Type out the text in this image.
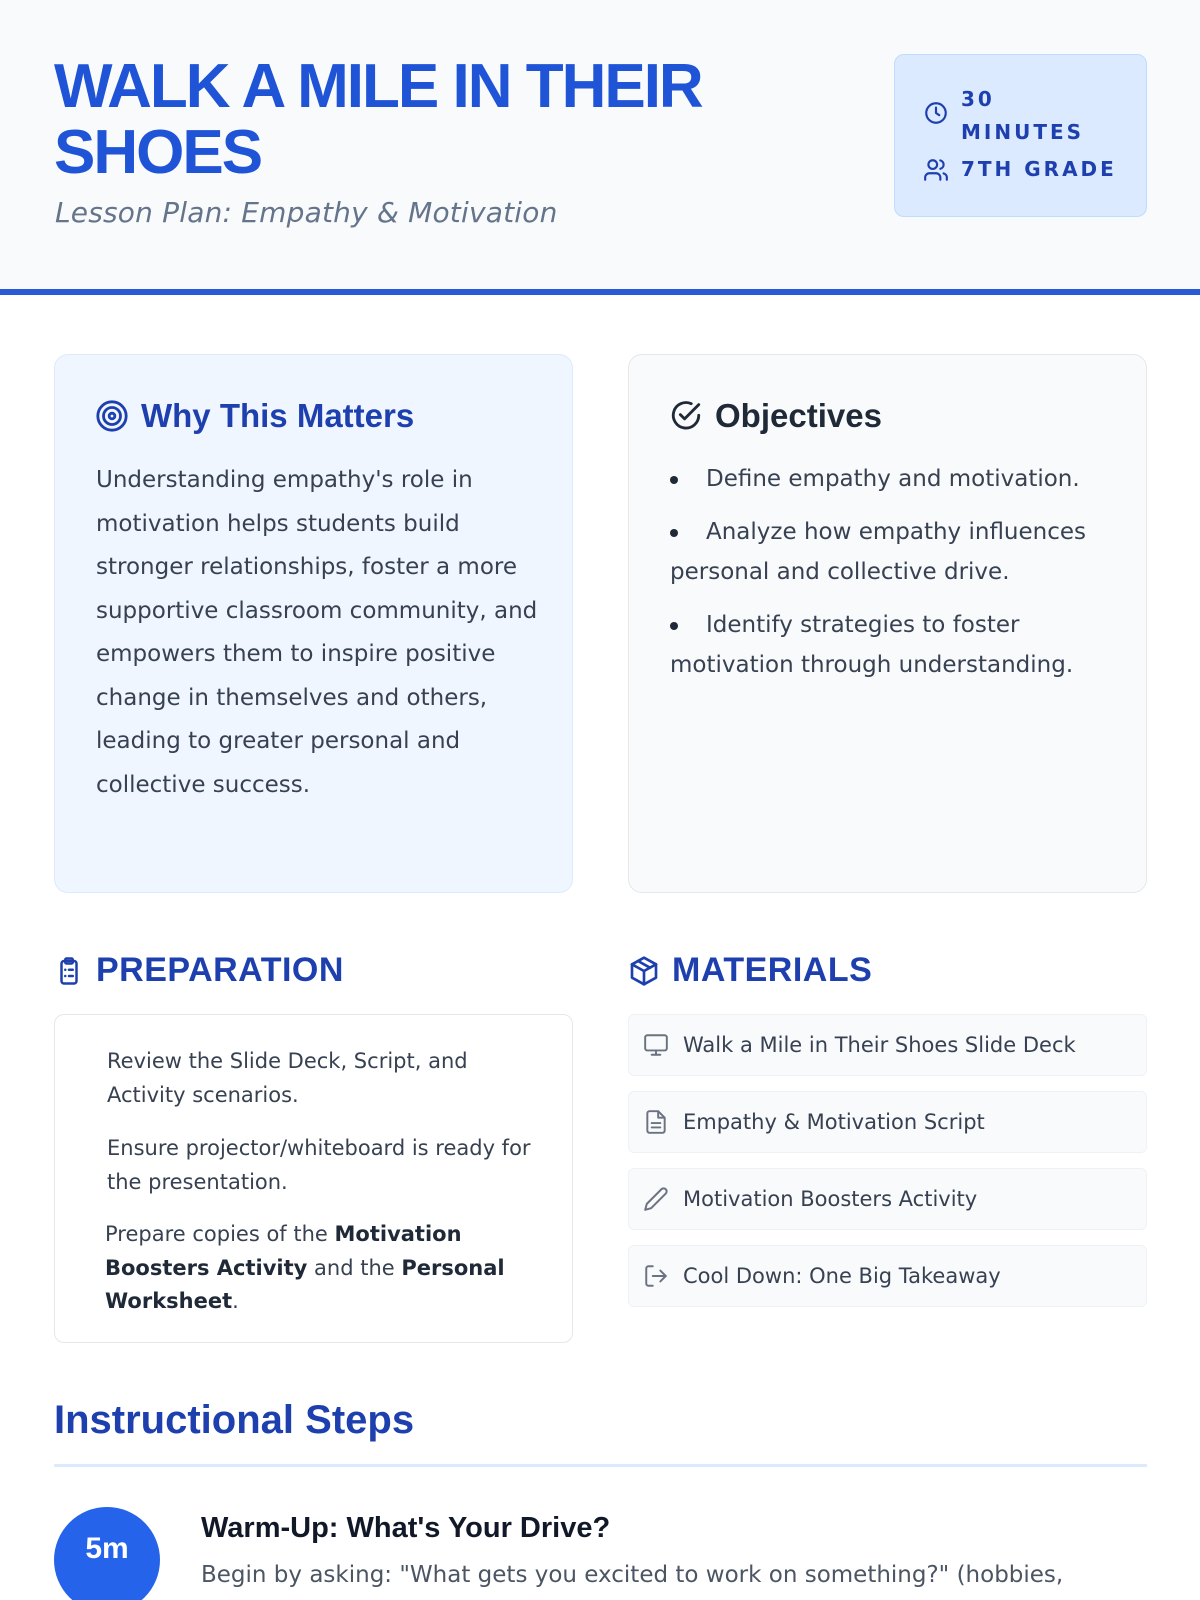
WALK A MILE IN THEIR SHOES
Lesson Plan: Empathy & Motivation
30 MINUTES
7TH GRADE
Why This Matters

Understanding empathy's role in motivation helps students build stronger relationships, foster a more supportive classroom community, and empowers them to inspire positive change in themselves and others, leading to greater personal and collective success.

Objectives
Define empathy and motivation.
Analyze how empathy influences personal and collective drive.
Identify strategies to foster motivation through understanding.
PREPARATION
Review the Slide Deck, Script, and Activity scenarios.
Ensure projector/whiteboard is ready for the presentation.
Prepare copies of the Motivation Boosters Activity and the Personal Worksheet.
MATERIALS
Walk a Mile in Their Shoes Slide Deck
Empathy & Motivation Script
Motivation Boosters Activity
Cool Down: One Big Takeaway
Instructional Steps
5m
Warm-Up: What's Your Drive?
Begin by asking: "What gets you excited to work on something?" (hobbies,
